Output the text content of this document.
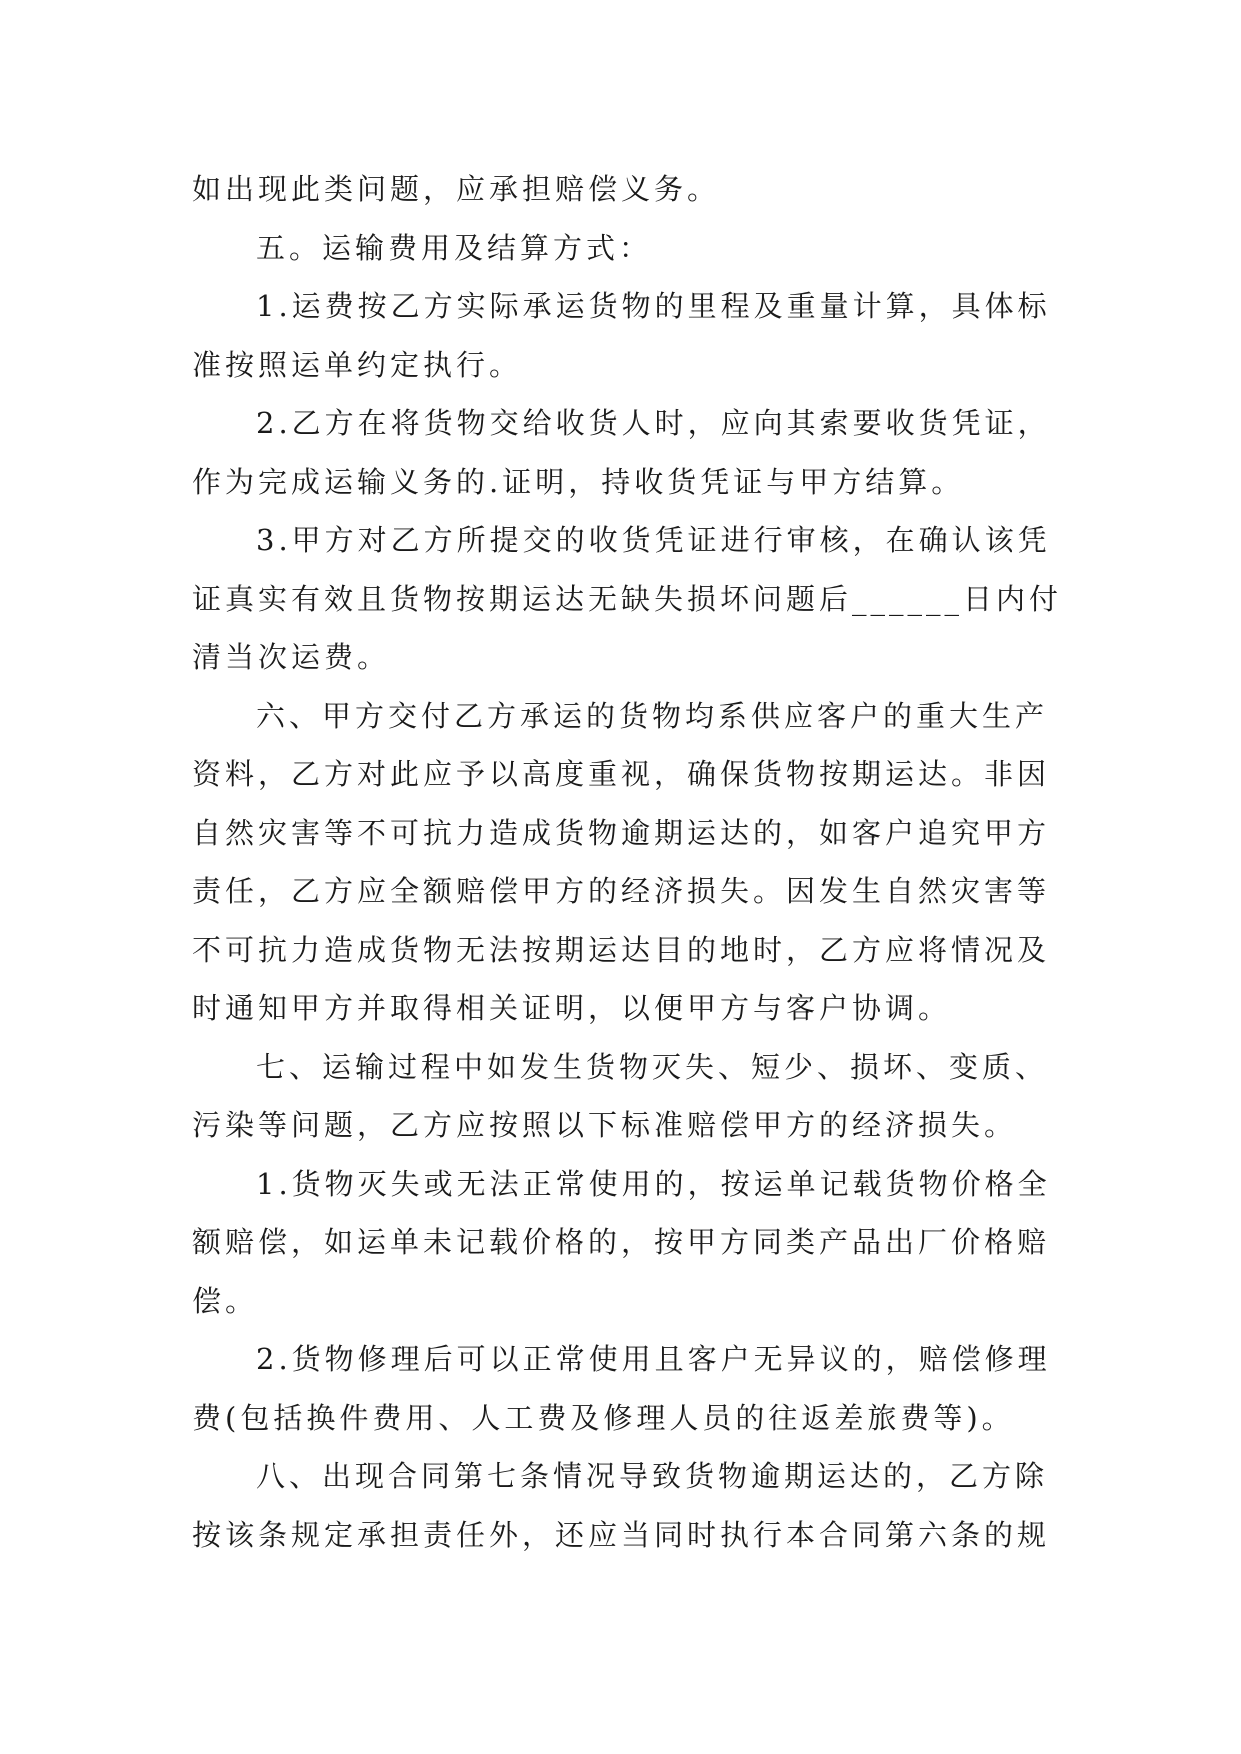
如出现此类问题，应承担赔偿义务。
五。运输费用及结算方式：
1.运费按乙方实际承运货物的里程及重量计算，具体标
准按照运单约定执行。
2.乙方在将货物交给收货人时，应向其索要收货凭证，
作为完成运输义务的.证明，持收货凭证与甲方结算。
3.甲方对乙方所提交的收货凭证进行审核，在确认该凭
证真实有效且货物按期运达无缺失损坏问题后______日内付
清当次运费。
六、甲方交付乙方承运的货物均系供应客户的重大生产
资料，乙方对此应予以高度重视，确保货物按期运达。非因
自然灾害等不可抗力造成货物逾期运达的，如客户追究甲方
责任，乙方应全额赔偿甲方的经济损失。因发生自然灾害等
不可抗力造成货物无法按期运达目的地时，乙方应将情况及
时通知甲方并取得相关证明，以便甲方与客户协调。
七、运输过程中如发生货物灭失、短少、损坏、变质、
污染等问题，乙方应按照以下标准赔偿甲方的经济损失。
1.货物灭失或无法正常使用的，按运单记载货物价格全
额赔偿，如运单未记载价格的，按甲方同类产品出厂价格赔
偿。
2.货物修理后可以正常使用且客户无异议的，赔偿修理
费(包括换件费用、人工费及修理人员的往返差旅费等)。
八、出现合同第七条情况导致货物逾期运达的，乙方除
按该条规定承担责任外，还应当同时执行本合同第六条的规
